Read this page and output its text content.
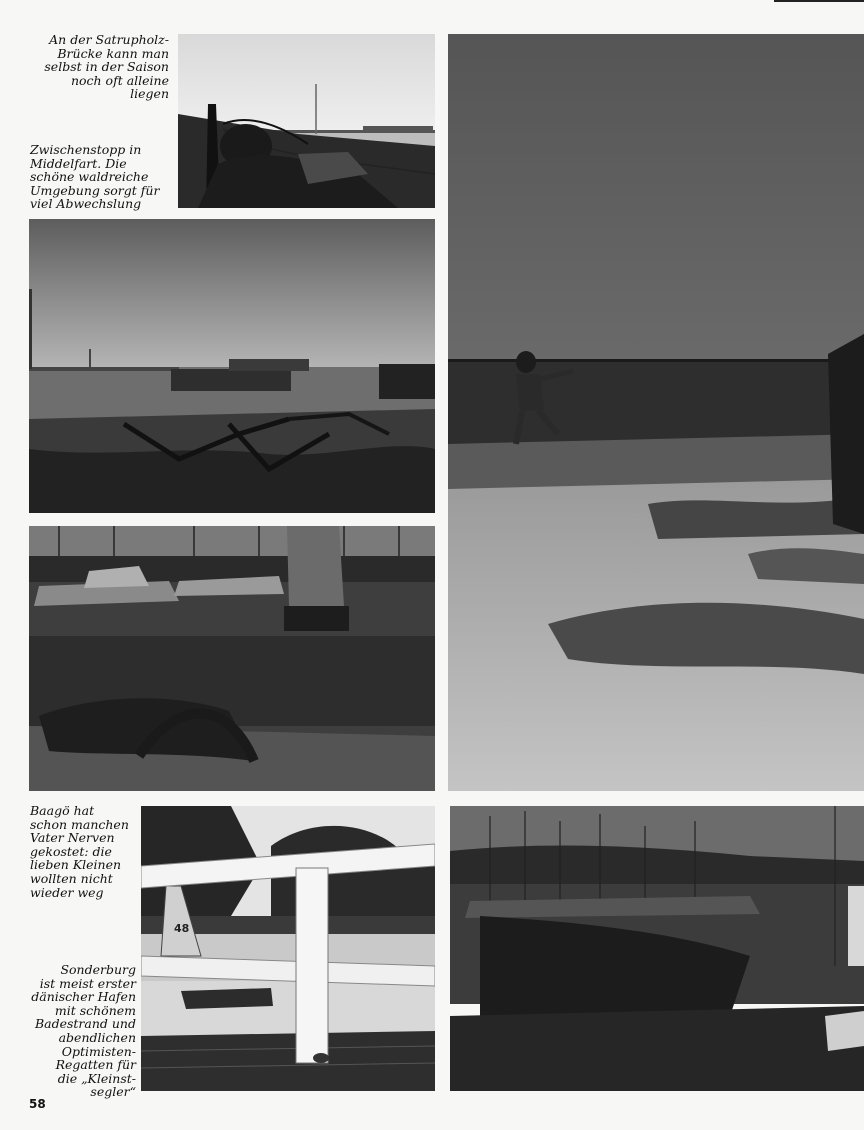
An der Satrupholz-
Brücke kann man
selbst in der Saison
noch oft alleine
liegen
Zwischenstopp in
Middelfart. Die
schöne waldreiche
Umgebung sorgt für
viel Abwechslung
Baagö hat
schon manchen
Vater Nerven
gekostet: die
lieben Kleinen
wollten nicht
wieder weg
Sonderburg
ist meist erster
dänischer Hafen
mit schönem
Badestrand und
abendlichen
Optimisten-
Regatten für
die „Kleinst-
segler“
48
58
